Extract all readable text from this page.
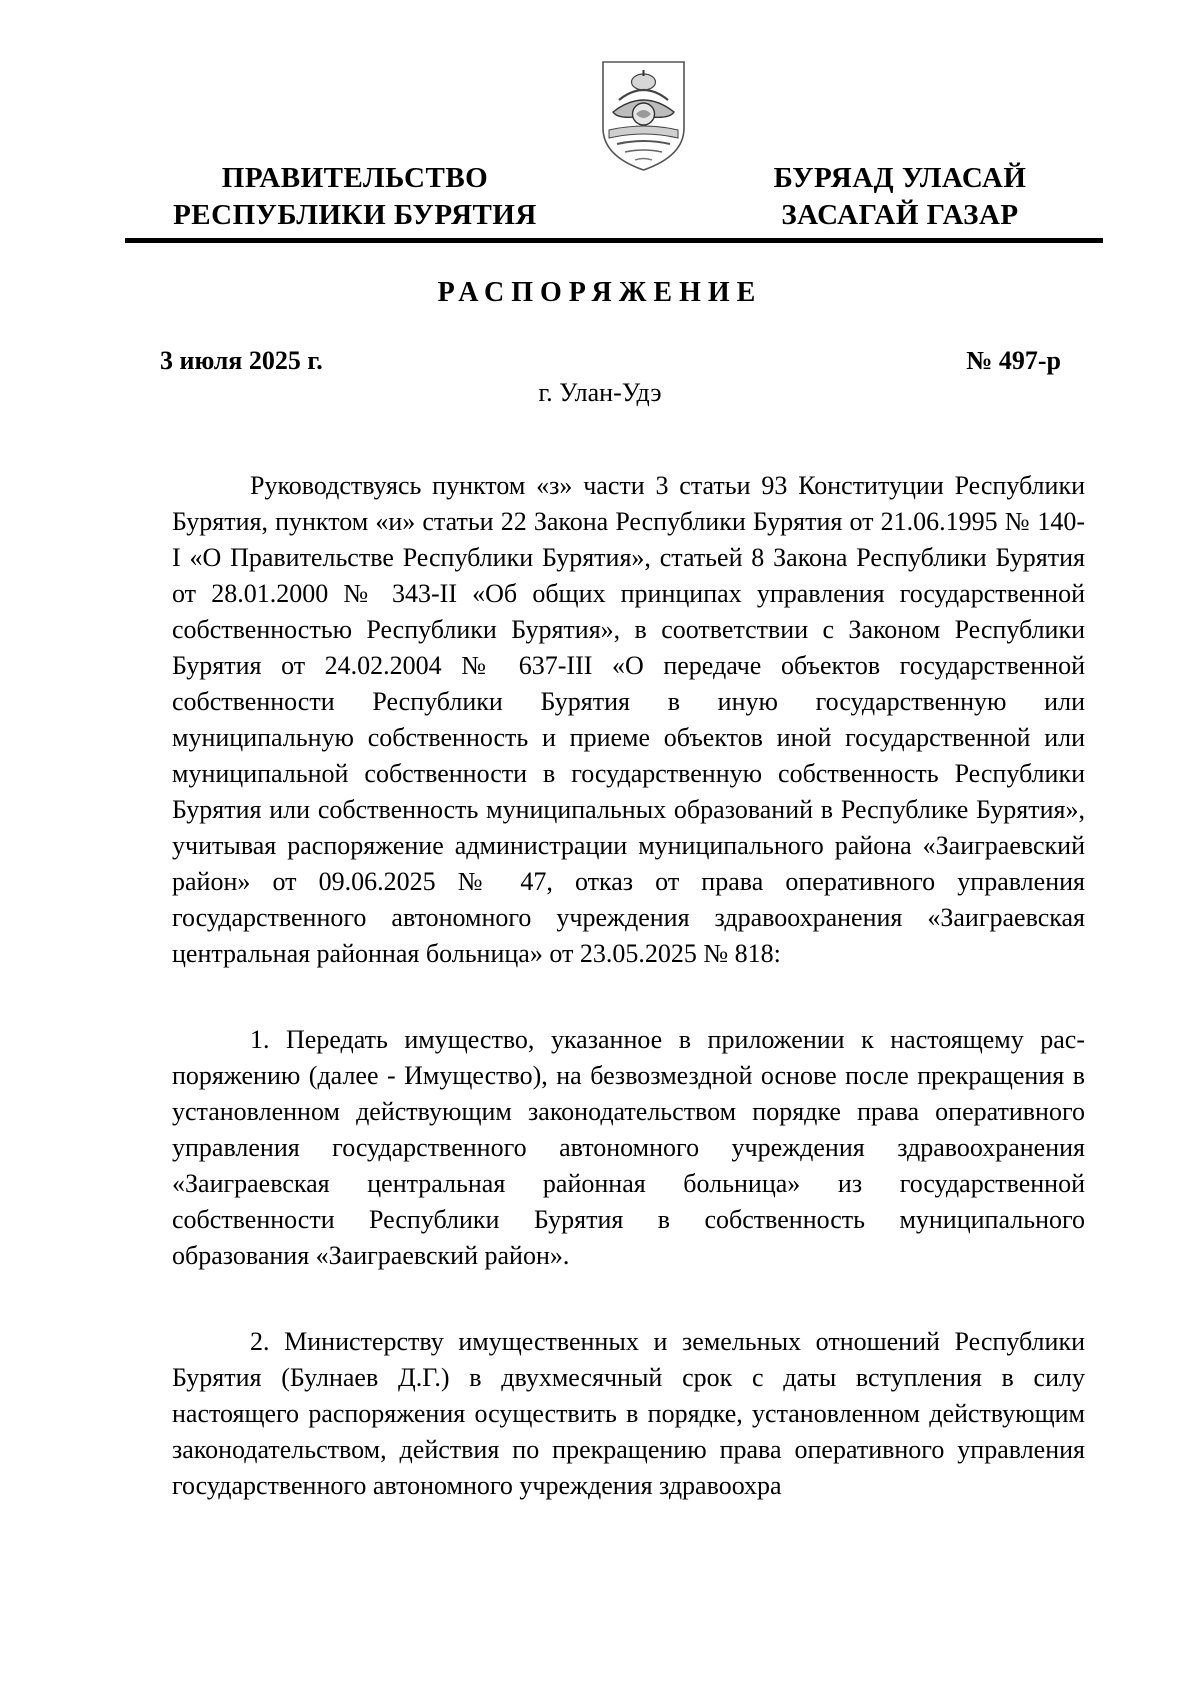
ПРАВИТЕЛЬСТВО
РЕСПУБЛИКИ БУРЯТИЯ
БУРЯАД УЛАСАЙ
ЗАСАГАЙ ГАЗАР
РАСПОРЯЖЕНИЕ
3 июля 2025 г.	№ 497-р
г. Улан-Удэ

Руководствуясь пунктом «з» части 3 статьи 93 Конституции Республики Бурятия, пунктом «и» статьи 22 Закона Республики Бурятия от 21.06.1995 № 140-I «О Правительстве Республики Бурятия», статьей 8 Закона Республики Бурятия от 28.01.2000 № 343-II «Об общих принципах управления государственной собственностью Республики Бурятия», в соответствии с Законом Республики Бурятия от 24.02.2004 № 637-III «О передаче объектов государственной собственности Республики Бурятия в иную государственную или муниципальную собственность и приеме объектов иной государственной или муниципальной собственности в государственную собственность Республики Бурятия или собственность муниципальных образований в Республике Бурятия», учитывая распоряжение администрации муниципального района «Заиграевский район» от 09.06.2025 № 47, отказ от права оперативного управления государственного автономного учреждения здравоохранения «Заиграевская центральная районная больница» от 23.05.2025 № 818:

1. Передать имущество, указанное в приложении к настоящему распоряжению (далее - Имущество), на безвозмездной основе после прекращения в установленном действующим законодательством порядке права оперативного управления государственного автономного учреждения здравоохранения «Заиграевская центральная районная больница» из государственной собственности Республики Бурятия в собственность муниципального образования «Заиграевский район».

2. Министерству имущественных и земельных отношений Республики Бурятия (Булнаев Д.Г.) в двухмесячный срок с даты вступления в силу настоящего распоряжения осуществить в порядке, установленном действующим законодательством, действия по прекращению права оперативного управления государственного автономного учреждения здравоохра
